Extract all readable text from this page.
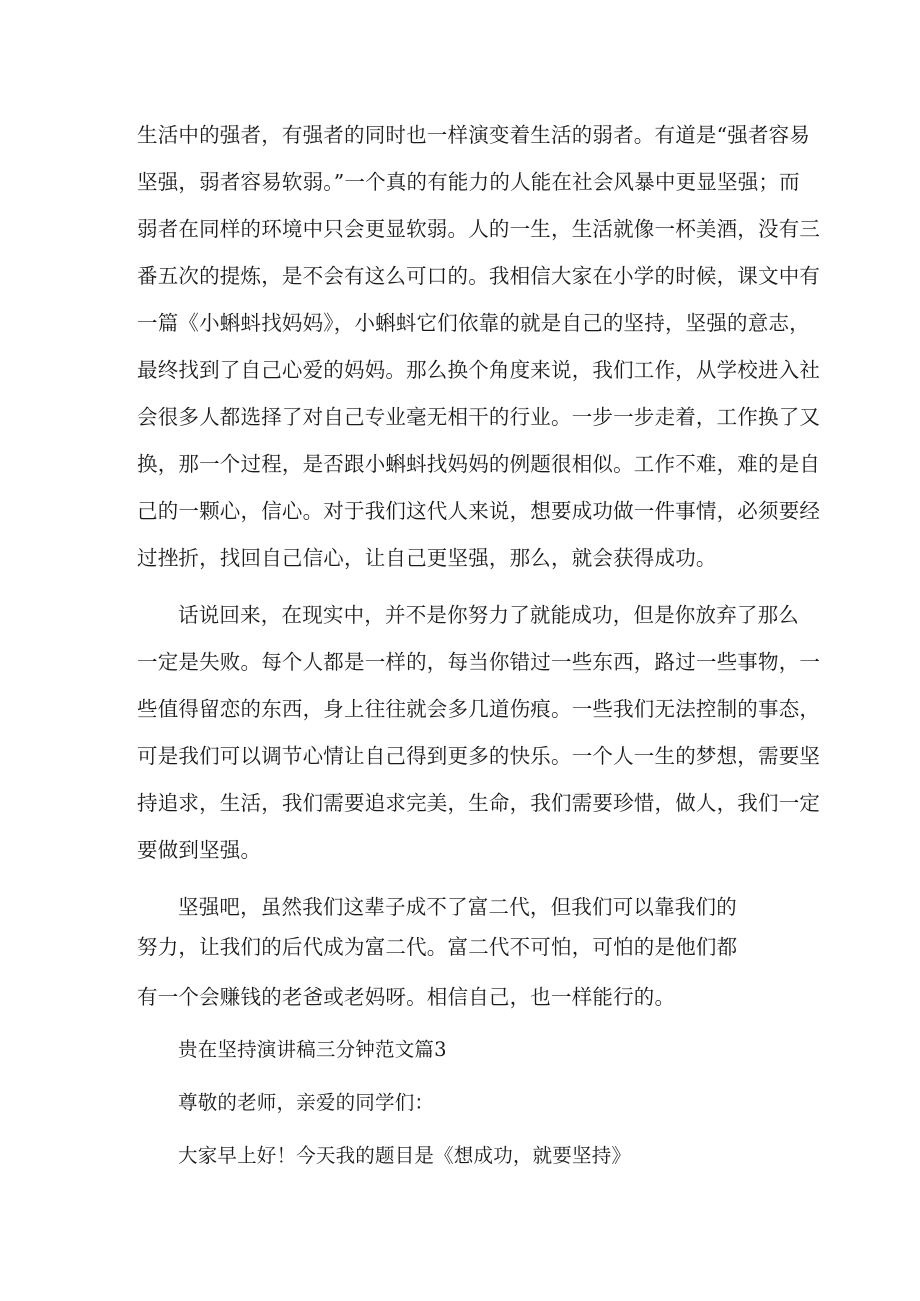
生活中的强者，有强者的同时也一样演变着生活的弱者。有道是“强者容易
坚强，弱者容易软弱。”一个真的有能力的人能在社会风暴中更显坚强；而
弱者在同样的环境中只会更显软弱。人的一生，生活就像一杯美酒，没有三
番五次的提炼，是不会有这么可口的。我相信大家在小学的时候，课文中有
一篇《小蝌蚪找妈妈》，小蝌蚪它们依靠的就是自己的坚持，坚强的意志，
最终找到了自己心爱的妈妈。那么换个角度来说，我们工作，从学校进入社
会很多人都选择了对自己专业毫无相干的行业。一步一步走着，工作换了又
换，那一个过程，是否跟小蝌蚪找妈妈的例题很相似。工作不难，难的是自
己的一颗心，信心。对于我们这代人来说，想要成功做一件事情，必须要经
过挫折，找回自己信心，让自己更坚强，那么，就会获得成功。
话说回来，在现实中，并不是你努力了就能成功，但是你放弃了那么
一定是失败。每个人都是一样的，每当你错过一些东西，路过一些事物，一
些值得留恋的东西，身上往往就会多几道伤痕。一些我们无法控制的事态，
可是我们可以调节心情让自己得到更多的快乐。一个人一生的梦想，需要坚
持追求，生活，我们需要追求完美，生命，我们需要珍惜，做人，我们一定
要做到坚强。
坚强吧，虽然我们这辈子成不了富二代，但我们可以靠我们的
努力，让我们的后代成为富二代。富二代不可怕，可怕的是他们都
有一个会赚钱的老爸或老妈呀。相信自己，也一样能行的。
贵在坚持演讲稿三分钟范文篇3
尊敬的老师，亲爱的同学们：
大家早上好！今天我的题目是《想成功，就要坚持》
